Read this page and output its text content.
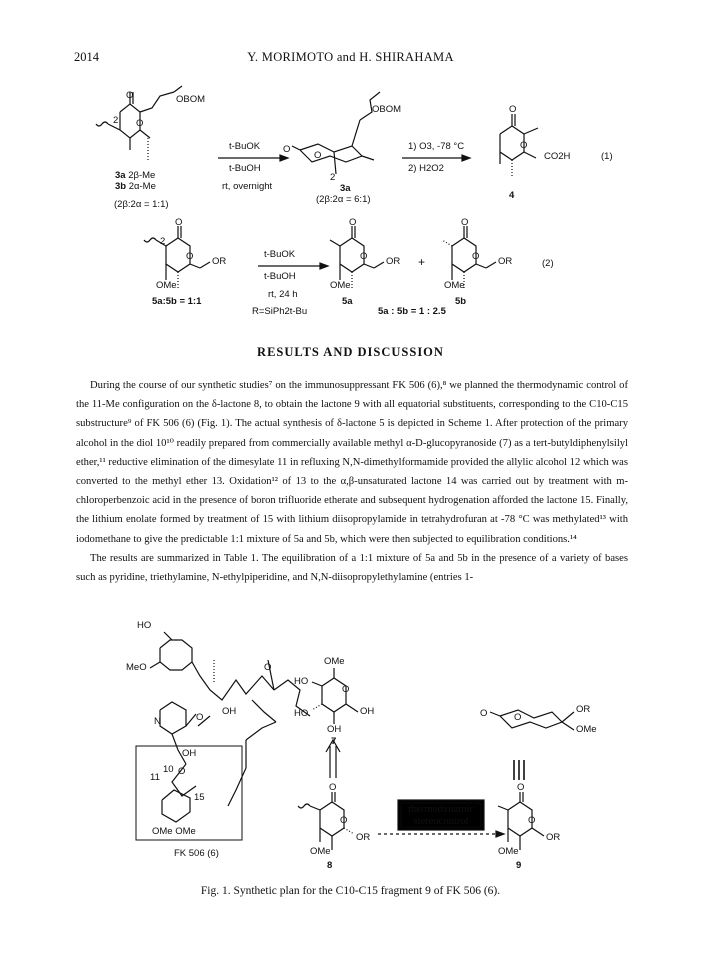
2014	Y. MORIMOTO and H. SHIRAHAMA
O	OBOM
2 O
3a 2β-Me
3b 2α-Me
(2β:2α = 1:1)
t-BuOK
t-BuOH
rt, overnight
OBOM
O
O
2
3a
(2β:2α = 6:1)
1) O3, -78 °C
2) H2O2
O
O
CO2H
4
(1)
O
O
2
OR
OMe
5a:5b = 1:1
t-BuOK
t-BuOH
rt, 24 h
R=SiPh2t-Bu
O
O OR
OMe
5a
+
O
O OR
OMe
5b
5a : 5b = 1 : 2.5
(2)
RESULTS AND DISCUSSION

During the course of our synthetic studies⁷ on the immunosuppressant FK 506 (6),⁸ we planned the thermodynamic control of the 11-Me configuration on the δ-lactone 8, to obtain the lactone 9 with all equatorial substituents, corresponding to the C10-C15 substructure⁹ of FK 506 (6) (Fig. 1). The actual synthesis of δ-lactone 5 is depicted in Scheme 1. After protection of the primary alcohol in the diol 10¹⁰ readily prepared from commercially available methyl α-D-glucopyranoside (7) as a tert-butyldiphenylsilyl ether,¹¹ reductive elimination of the dimesylate 11 in refluxing N,N-dimethylformamide provided the allylic alcohol 12 which was converted to the methyl ether 13. Oxidation¹² of 13 to the α,β-unsaturated lactone 14 was carried out by treatment with m-chloroperbenzoic acid in the presence of boron trifluoride etherate and subsequent hydrogenation afforded the lactone 15. Finally, the lithium enolate formed by treatment of 15 with lithium diisopropylamide in tetrahydrofuran at -78 °C was methylated¹³ with iodomethane to give the predictable 1:1 mixture of 5a and 5b, which were then subjected to equilibration conditions.¹⁴

The results are summarized in Table 1. The equilibration of a 1:1 mixture of 5a and 5b in the presence of a variety of bases such as pyridine, triethylamine, N-ethylpiperidine, and N,N-diisopropylethylamine (entries 1-

HO
MeO	O
N	O
OH
OH
10
11
15
O
OMe OMe
FK 506 (6)
OMe
HO
HO
O
OH
OH
7
thermodynamic
stereocontrol
O
O
OR
OMe
8
O	O
OR
OMe
O
O
OR
OMe
9
Fig. 1. Synthetic plan for the C10-C15 fragment 9 of FK 506 (6).
